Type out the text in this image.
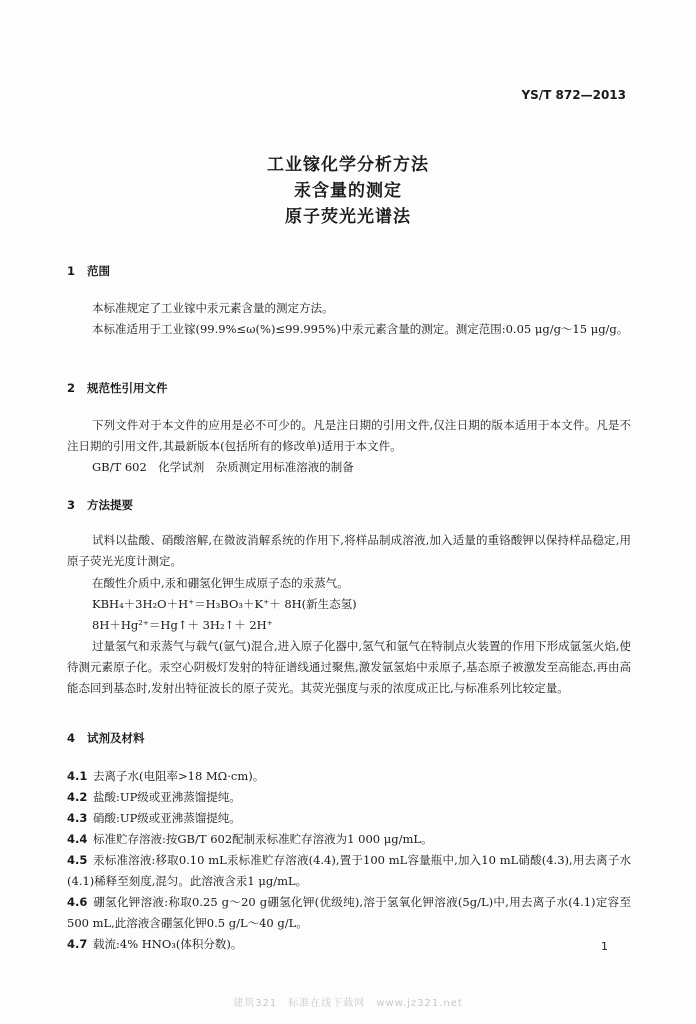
YS/T 872—2013
工业镓化学分析方法
汞含量的测定
原子荧光光谱法
1 范围
本标准规定了工业镓中汞元素含量的测定方法。
本标准适用于工业镓(99.9%≤ω(%)≤99.995%)中汞元素含量的测定。测定范围:0.05 μg/g～15 μg/g。
2 规范性引用文件
下列文件对于本文件的应用是必不可少的。凡是注日期的引用文件,仅注日期的版本适用于本文件。凡是不注日期的引用文件,其最新版本(包括所有的修改单)适用于本文件。
GB/T 602　化学试剂　杂质测定用标准溶液的制备
3 方法提要
试料以盐酸、硝酸溶解,在微波消解系统的作用下,将样品制成溶液,加入适量的重铬酸钾以保持样品稳定,用原子荧光光度计测定。
在酸性介质中,汞和硼氢化钾生成原子态的汞蒸气。
KBH₄＋3H₂O＋H⁺＝H₃BO₃＋K⁺＋ 8H(新生态氢)
8H＋Hg²⁺＝Hg↑＋ 3H₂↑＋ 2H⁺
过量氢气和汞蒸气与载气(氩气)混合,进入原子化器中,氢气和氩气在特制点火装置的作用下形成氩氢火焰,使待测元素原子化。汞空心阴极灯发射的特征谱线通过聚焦,激发氩氢焰中汞原子,基态原子被激发至高能态,再由高能态回到基态时,发射出特征波长的原子荧光。其荧光强度与汞的浓度成正比,与标准系列比较定量。
4 试剂及材料
4.1 去离子水(电阻率>18 MΩ·cm)。
4.2 盐酸:UP级或亚沸蒸馏提纯。
4.3 硝酸:UP级或亚沸蒸馏提纯。
4.4 标准贮存溶液:按GB/T 602配制汞标准贮存溶液为1 000 μg/mL。
4.5 汞标准溶液:移取0.10 mL汞标准贮存溶液(4.4),置于100 mL容量瓶中,加入10 mL硝酸(4.3),用去离子水(4.1)稀释至刻度,混匀。此溶液含汞1 μg/mL。
4.6 硼氢化钾溶液:称取0.25 g～20 g硼氢化钾(优级纯),溶于氢氧化钾溶液(5g/L)中,用去离子水(4.1)定容至500 mL,此溶液含硼氢化钾0.5 g/L～40 g/L。
4.7 载流:4% HNO₃(体积分数)。	1
建筑321　标准在线下载网　www.jz321.net
